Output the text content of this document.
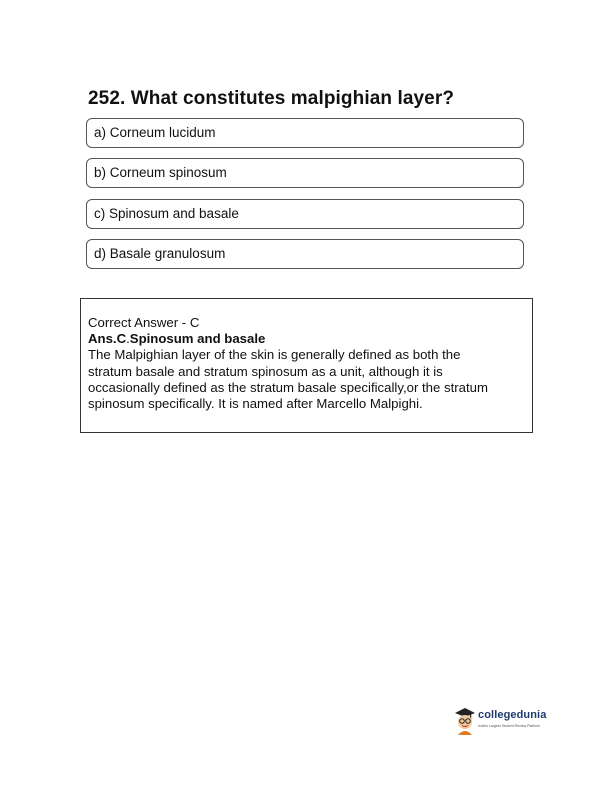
252. What constitutes malpighian layer?
a) Corneum lucidum
b) Corneum spinosum
c) Spinosum and basale
d) Basale granulosum
Correct Answer - C
Ans.C.Spinosum and basale
The Malpighian layer of the skin is generally defined as both the
stratum basale and stratum spinosum as a unit, although it is
occasionally defined as the stratum basale specifically,or the stratum
spinosum specifically. It is named after Marcello Malpighi.
collegedunia
India's Largest Student Review Platform
